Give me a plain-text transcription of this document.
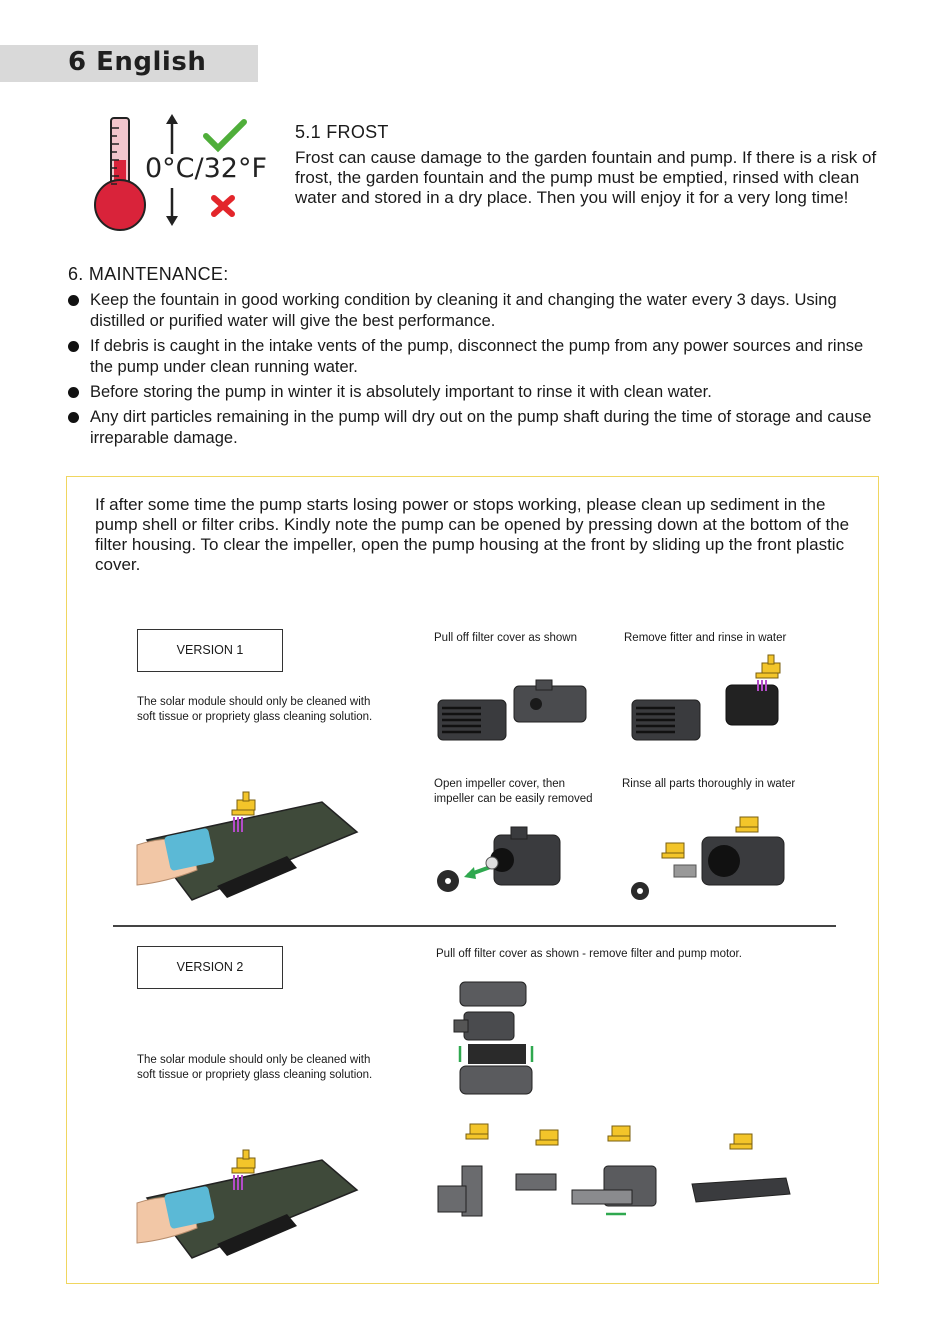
6 English
0°C/32°F
5.1 FROST
Frost can cause damage to the garden fountain and pump. If there is a risk of frost, the garden fountain and the pump must be emptied, rinsed with clean water and stored in a dry place. Then you will enjoy it for a very long time!
6. MAINTENANCE:
Keep the fountain in good working condition by cleaning it and changing the water every 3 days. Using distilled or purified water will give the best performance.
If debris is caught in the intake vents of the pump, disconnect the pump from any power sources and rinse the pump under clean running water.
Before storing the pump in winter it is absolutely important to rinse it with clean water.
Any dirt particles remaining in the pump will dry out on the pump shaft during the time of storage and cause irreparable damage.
If after some time the pump starts losing power or stops working, please clean up sediment in the pump shell or filter cribs. Kindly note the pump can be opened by pressing down at the bottom of the filter housing. To clear the impeller, open the pump housing at the front by sliding up the front plastic cover.
VERSION 1
The solar module should only be cleaned with soft tissue or propriety glass cleaning solution.
Pull off filter cover as shown	Remove fitter and rinse in water
Open impeller cover, then impeller can be easily removed
Rinse all parts thoroughly in water
VERSION 2
The solar module should only be cleaned with soft tissue or propriety glass cleaning solution.
Pull off filter cover as shown - remove filter and pump motor.
